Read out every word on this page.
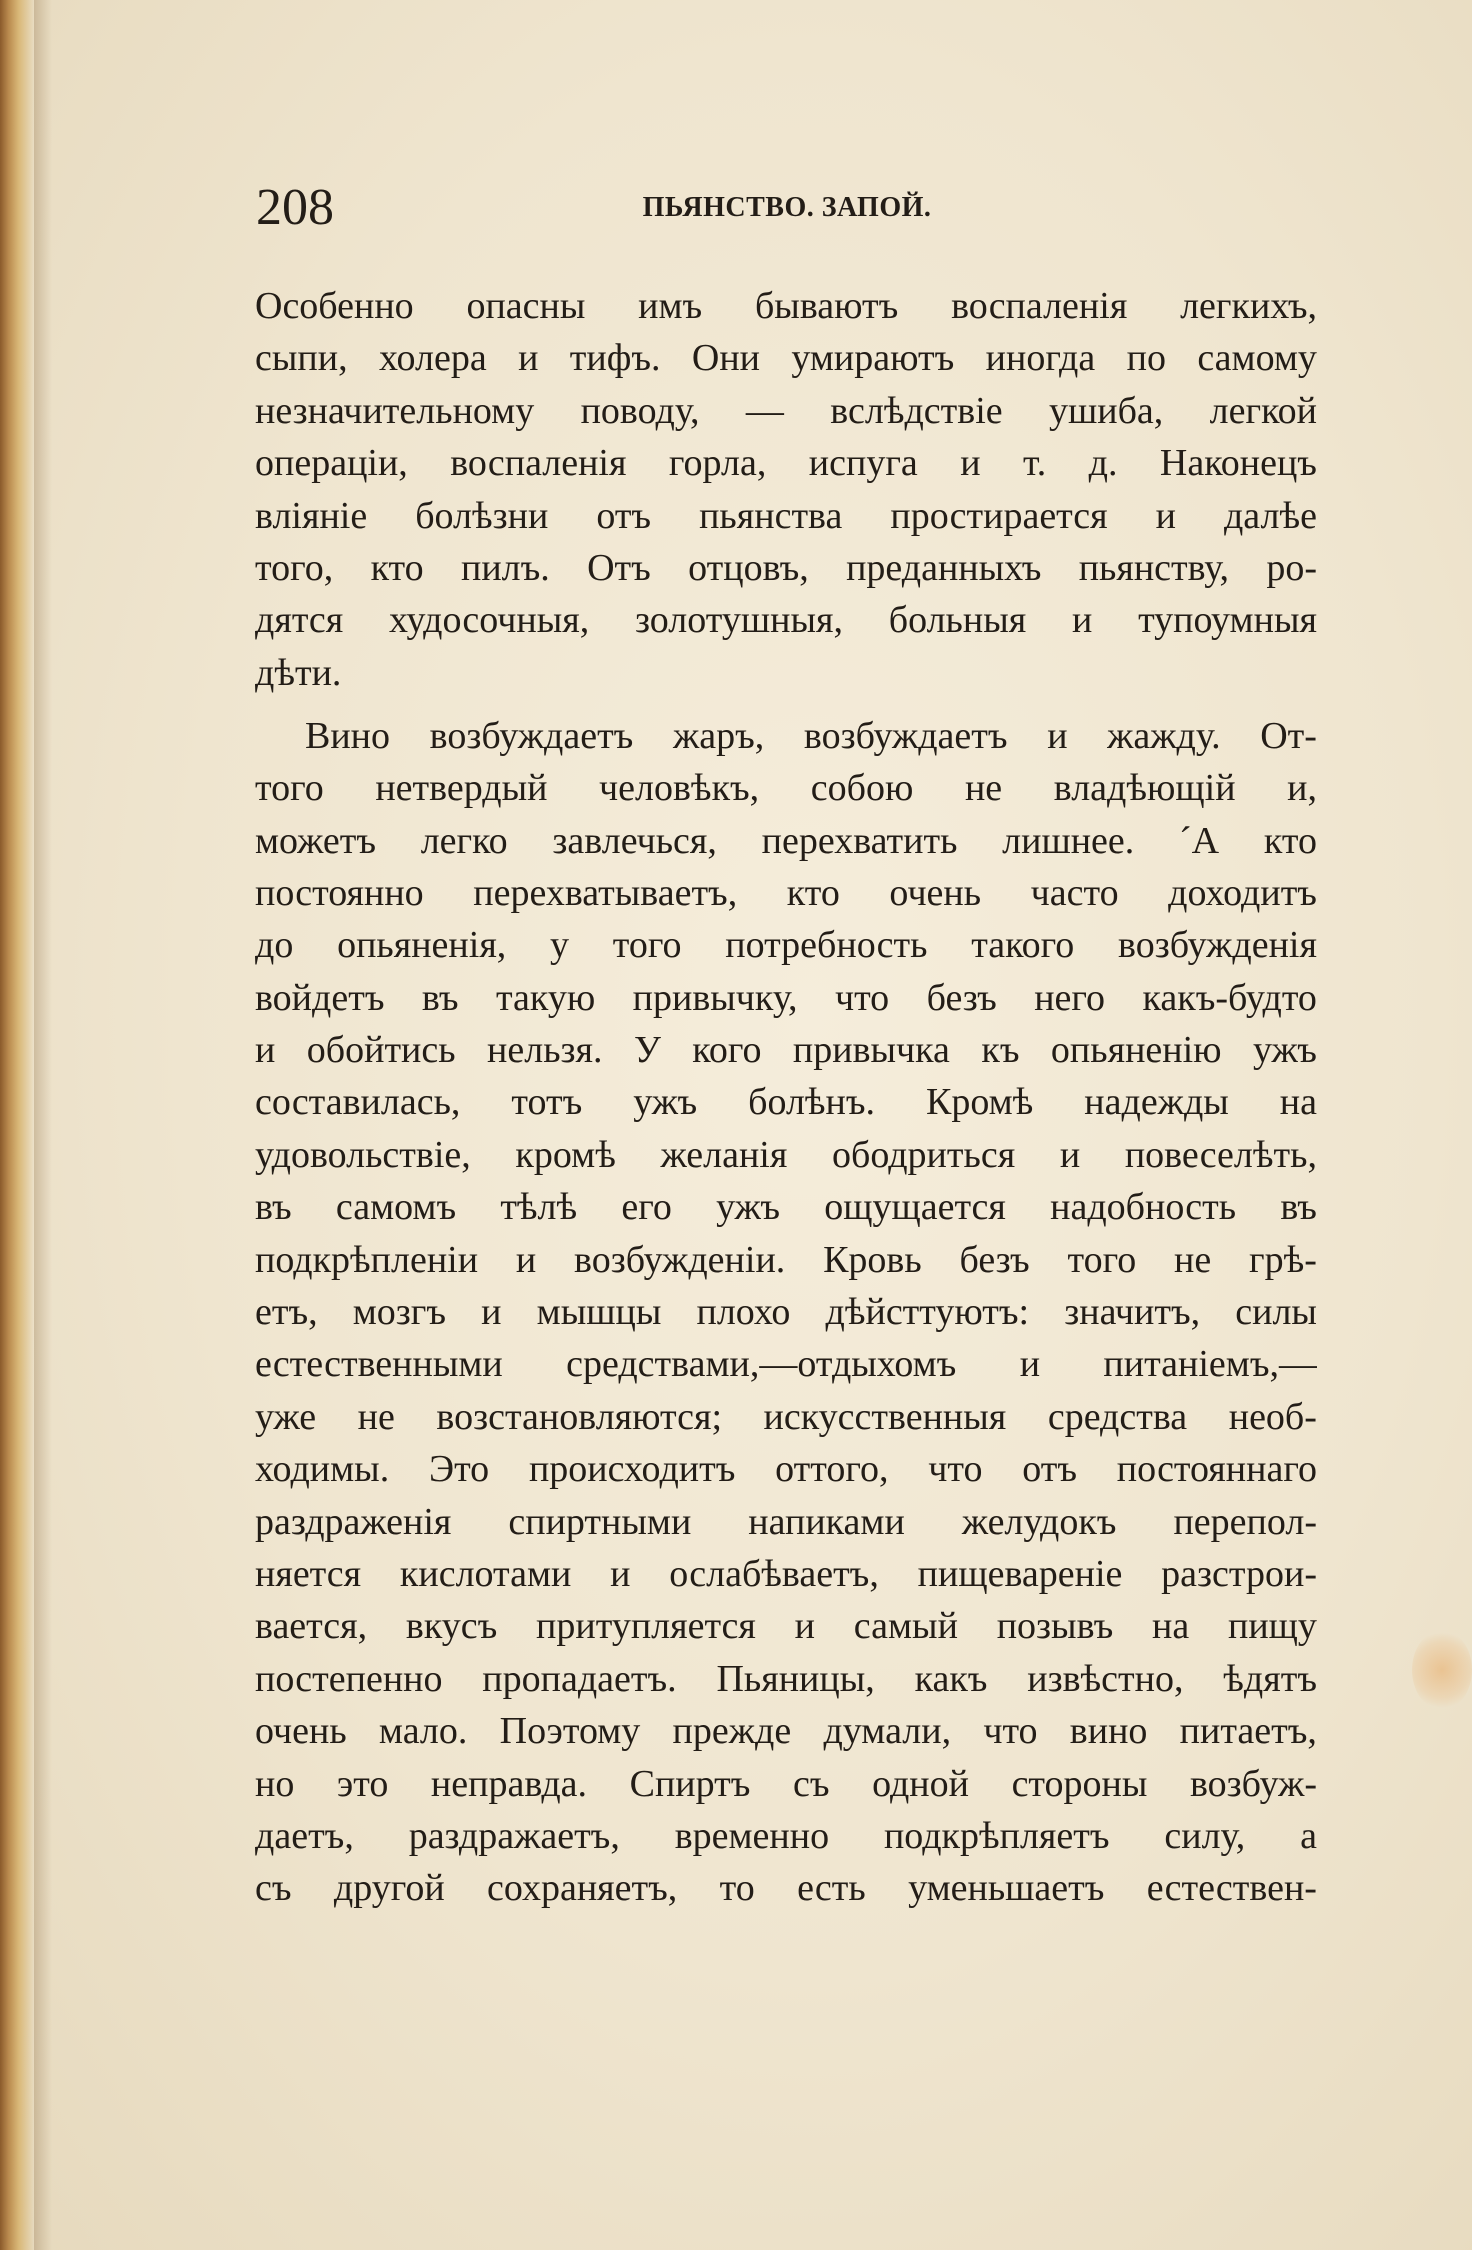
208	ПЬЯНСТВО. ЗАПОЙ.
Особенно опасны имъ бываютъ воспаленія легкихъ,
сыпи, холера и тифъ. Они умираютъ иногда по самому
незначительному поводу, — вслѣдствіе ушиба, легкой
операціи, воспаленія горла, испуга и т. д. Наконецъ
вліяніе болѣзни отъ пьянства простирается и далѣе
того, кто пилъ. Отъ отцовъ, преданныхъ пьянству, ро-
дятся худосочныя, золотушныя, больныя и тупоумныя
дѣти.
Вино возбуждаетъ жаръ, возбуждаетъ и жажду. От-
того нетвердый человѣкъ, собою не владѣющій и,
можетъ легко завлечься, перехватить лишнее. ´А кто
постоянно перехватываетъ, кто очень часто доходитъ
до опьяненія, у того потребность такого возбужденія
войдетъ въ такую привычку, что безъ него какъ-будто
и обойтись нельзя. У кого привычка къ опьяненію ужъ
составилась, тотъ ужъ болѣнъ. Кромѣ надежды на
удовольствіе, кромѣ желанія ободриться и повеселѣть,
въ самомъ тѣлѣ его ужъ ощущается надобность въ
подкрѣпленіи и возбужденіи. Кровь безъ того не грѣ-
етъ, мозгъ и мышцы плохо дѣйсттуютъ: значитъ, силы
естественными средствами,—отдыхомъ и питаніемъ,—
уже не возстановляются; искусственныя средства необ-
ходимы. Это происходитъ оттого, что отъ постояннаго
раздраженія спиртными напиками желудокъ перепол-
няется кислотами и ослабѣваетъ, пищевареніе разстрои-
вается, вкусъ притупляется и самый позывъ на пищу
постепенно пропадаетъ. Пьяницы, какъ извѣстно, ѣдятъ
очень мало. Поэтому прежде думали, что вино питаетъ,
но это неправда. Спиртъ съ одной стороны возбуж-
даетъ, раздражаетъ, временно подкрѣпляетъ силу, а
съ другой сохраняетъ, то есть уменьшаетъ естествен-
